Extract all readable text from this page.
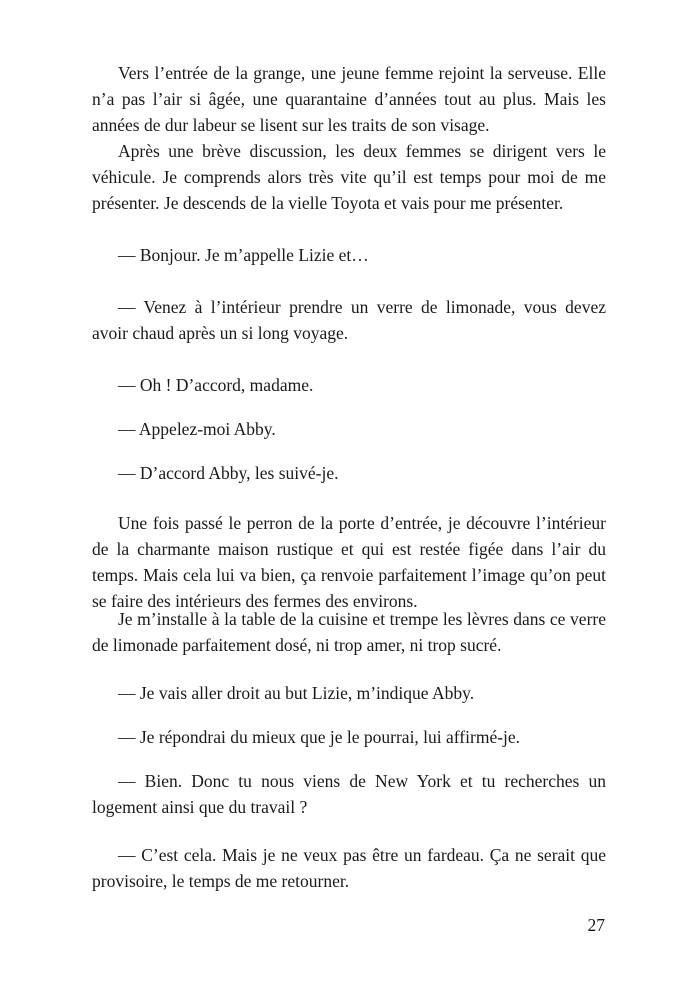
Vers l’entrée de la grange, une jeune femme rejoint la serveuse. Elle n’a pas l’air si âgée, une quarantaine d’années tout au plus. Mais les années de dur labeur se lisent sur les traits de son visage.

Après une brève discussion, les deux femmes se dirigent vers le véhicule. Je comprends alors très vite qu’il est temps pour moi de me présenter. Je descends de la vielle Toyota et vais pour me présenter.

— Bonjour. Je m’appelle Lizie et…

— Venez à l’intérieur prendre un verre de limonade, vous devez avoir chaud après un si long voyage.

— Oh ! D’accord, madame.

— Appelez-moi Abby.

— D’accord Abby, les suivé-je.

Une fois passé le perron de la porte d’entrée, je découvre l’intérieur de la charmante maison rustique et qui est restée figée dans l’air du temps. Mais cela lui va bien, ça renvoie parfaitement l’image qu’on peut se faire des intérieurs des fermes des environs.

Je m’installe à la table de la cuisine et trempe les lèvres dans ce verre de limonade parfaitement dosé, ni trop amer, ni trop sucré.

— Je vais aller droit au but Lizie, m’indique Abby.

— Je répondrai du mieux que je le pourrai, lui affirmé-je.

— Bien. Donc tu nous viens de New York et tu recherches un logement ainsi que du travail ?

— C’est cela. Mais je ne veux pas être un fardeau. Ça ne serait que provisoire, le temps de me retourner.

27
